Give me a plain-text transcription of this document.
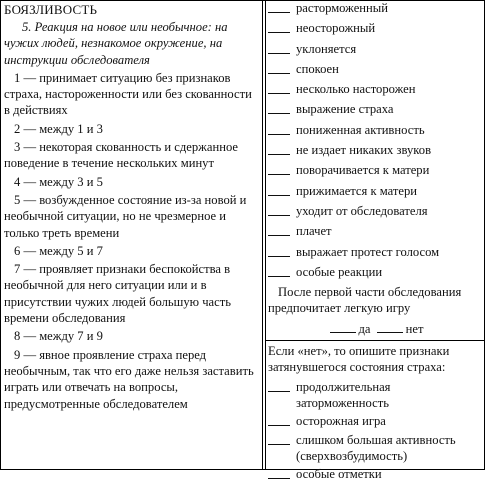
БОЯЗЛИВОСТЬ
5. Реакция на новое или необычное: на чужих людей, незнакомое окружение, на инструкции обследователя
1 — принимает ситуацию без признаков страха, настороженности или без скованности в действиях
2 — между 1 и 3
3 — некоторая скованность и сдержанное поведение в течение нескольких минут
4 — между 3 и 5
5 — возбужденное состояние из-за новой и необычной ситуации, но не чрезмерное и только треть времени
6 — между 5 и 7
7 — проявляет признаки беспокойства в необычной для него ситуации или и в присутствии чужих людей большую часть времени обследования
8 — между 7 и 9
9 — явное проявление страха перед необычным, так что его даже нельзя заставить играть или отвечать на вопросы, предусмотренные обследователем
расторможенный
неосторожный
уклоняется
спокоен
несколько насторожен
выражение страха
пониженная активность
не издает никаких звуков
поворачивается к матери
прижимается к матери
уходит от обследователя
плачет
выражает протест голосом
особые реакции
После первой части обследования предпочитает легкую игру
да	нет
Если «нет», то опишите признаки затянувшегося состояния страха:
продолжительная заторможенность
осторожная игра
слишком большая активность (сверхвозбудимость)
особые отметки
